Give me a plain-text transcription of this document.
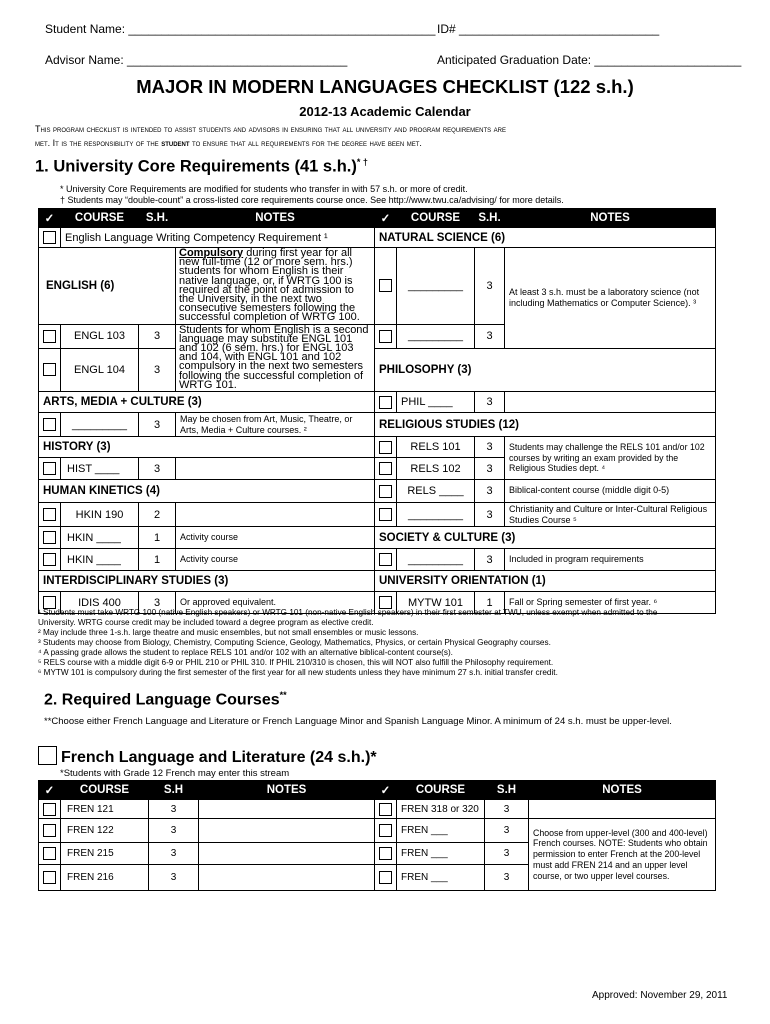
Student Name: ______________________________________________ ID# ______________________________
Advisor Name: _________________________________	Anticipated Graduation Date: ______________________
MAJOR IN MODERN LANGUAGES CHECKLIST (122 s.h.)
2012-13 Academic Calendar
This program checklist is intended to assist students and advisors in ensuring that all university and program requirements are
met. It is the responsibility of the student to ensure that all requirements for the degree have been met.
1. University Core Requirements (41 s.h.)* †
* University Core Requirements are modified for students who transfer in with 57 s.h. or more of credit.
† Students may “double-count” a cross-listed core requirements course once. See http://www.twu.ca/advising/ for more details.
✓	COURSE	S.H.	NOTES	✓	COURSE	S.H.	NOTES
	English Language Writing Competency Requirement ¹			NATURAL SCIENCE (6)			
ENGLISH (6)			Compulsory during first year for all new full-time (12 or more sem. hrs.) students for whom English is their native language, or, if WRTG 100 is required at the point of admission to the University, in the next two consecutive semesters following the successful completion of WRTG 100.		_________	3	At least 3 s.h. must be a laboratory science (not including Mathematics or Computer Science). ³
	ENGL 103	3	Students for whom English is a second language may substitute ENGL 101 and 102 (6 sem. hrs.) for ENGL 103 and 104, with ENGL 101 and 102 compulsory in the next two semesters following the successful completion of WRTG 101.		_________	3	
	ENGL 104	3		PHILOSOPHY (3)			
ARTS, MEDIA + CULTURE (3)					PHIL ____	3	
	_________	3	May be chosen from Art, Music, Theatre, or Arts, Media + Culture courses. ²	RELIGIOUS STUDIES (12)			
HISTORY (3)					RELS 101	3	Students may challenge the RELS 101 and/or 102 courses by writing an exam provided by the Religious Studies dept. ⁴
	HIST ____	3			RELS 102	3	
HUMAN KINETICS (4)					RELS ____	3	Biblical-content course (middle digit 0-5)
	HKIN 190	2			_________	3	Christianity and Culture or Inter-Cultural Religious Studies Course ⁵
	HKIN ____	1	Activity course	SOCIETY & CULTURE (3)			
	HKIN ____	1	Activity course		_________	3	Included in program requirements
INTERDISCIPLINARY STUDIES (3)				UNIVERSITY ORIENTATION (1)			
	IDIS 400	3	Or approved equivalent.		MYTW 101	1	Fall or Spring semester of first year. ⁶
¹ Students must take WRTG 100 (native English speakers) or WRTG 101 (non-native English speakers) in their first semester at TWU, unless exempt when admitted to the
University. WRTG course credit may be included toward a degree program as elective credit.
² May include three 1-s.h. large theatre and music ensembles, but not small ensembles or music lessons.
³ Students may choose from Biology, Chemistry, Computing Science, Geology, Mathematics, Physics, or certain Physical Geography courses.
⁴ A passing grade allows the student to replace RELS 101 and/or 102 with an alternative biblical-content course(s).
⁵ RELS course with a middle digit 6-9 or PHIL 210 or PHIL 310. If PHIL 210/310 is chosen, this will NOT also fulfill the Philosophy requirement.
⁶ MYTW 101 is compulsory during the first semester of the first year for all new students unless they have minimum 27 s.h. initial transfer credit.
2. Required Language Courses**
**Choose either French Language and Literature or French Language Minor and Spanish Language Minor. A minimum of 24 s.h. must be upper-level.
French Language and Literature (24 s.h.)*
*Students with Grade 12 French may enter this stream
✓	COURSE	S.H	NOTES	✓	COURSE	S.H	NOTES
	FREN 121	3			FREN 318 or 320	3	
	FREN 122	3			FREN ___	3	Choose from upper-level (300 and 400-level) French courses. NOTE: Students who obtain permission to enter French at the 200-level must add FREN 214 and an upper level course, or two upper level courses.
	FREN 215	3			FREN ___	3	
	FREN 216	3			FREN ___	3	
Approved: November 29, 2011
